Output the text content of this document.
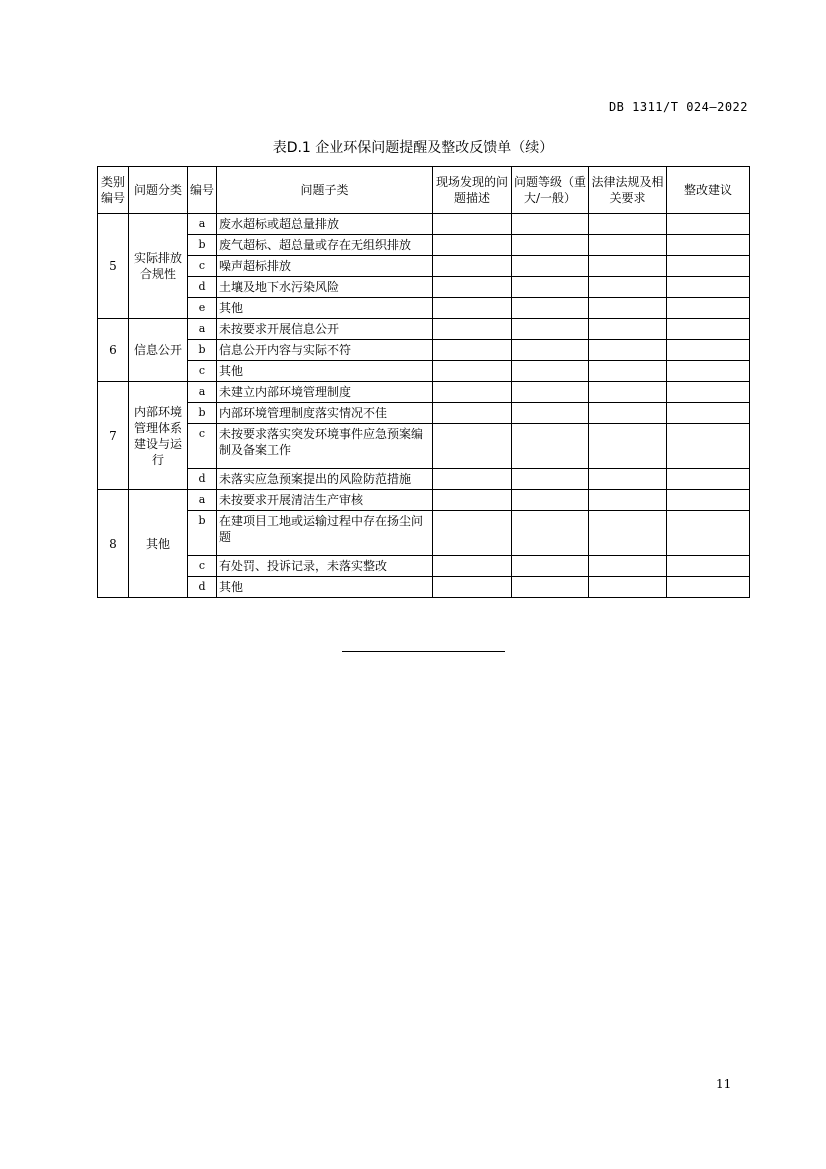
DB 1311/T 024—2022
表D.1 企业环保问题提醒及整改反馈单（续）
类别编号	问题分类	编号	问题子类	现场发现的问题描述	问题等级（重大/一般）	法律法规及相关要求	整改建议
5	实际排放合规性	a	废水超标或超总量排放				
		b	废气超标、超总量或存在无组织排放				
		c	噪声超标排放				
		d	土壤及地下水污染风险				
		e	其他				
6	信息公开	a	未按要求开展信息公开				
		b	信息公开内容与实际不符				
		c	其他				
7	内部环境管理体系建设与运行	a	未建立内部环境管理制度				
		b	内部环境管理制度落实情况不佳				
		c	未按要求落实突发环境事件应急预案编制及备案工作				
		d	未落实应急预案提出的风险防范措施				
8	其他	a	未按要求开展清洁生产审核				
		b	在建项目工地或运输过程中存在扬尘问题				
		c	有处罚、投诉记录，未落实整改				
		d	其他				
11
